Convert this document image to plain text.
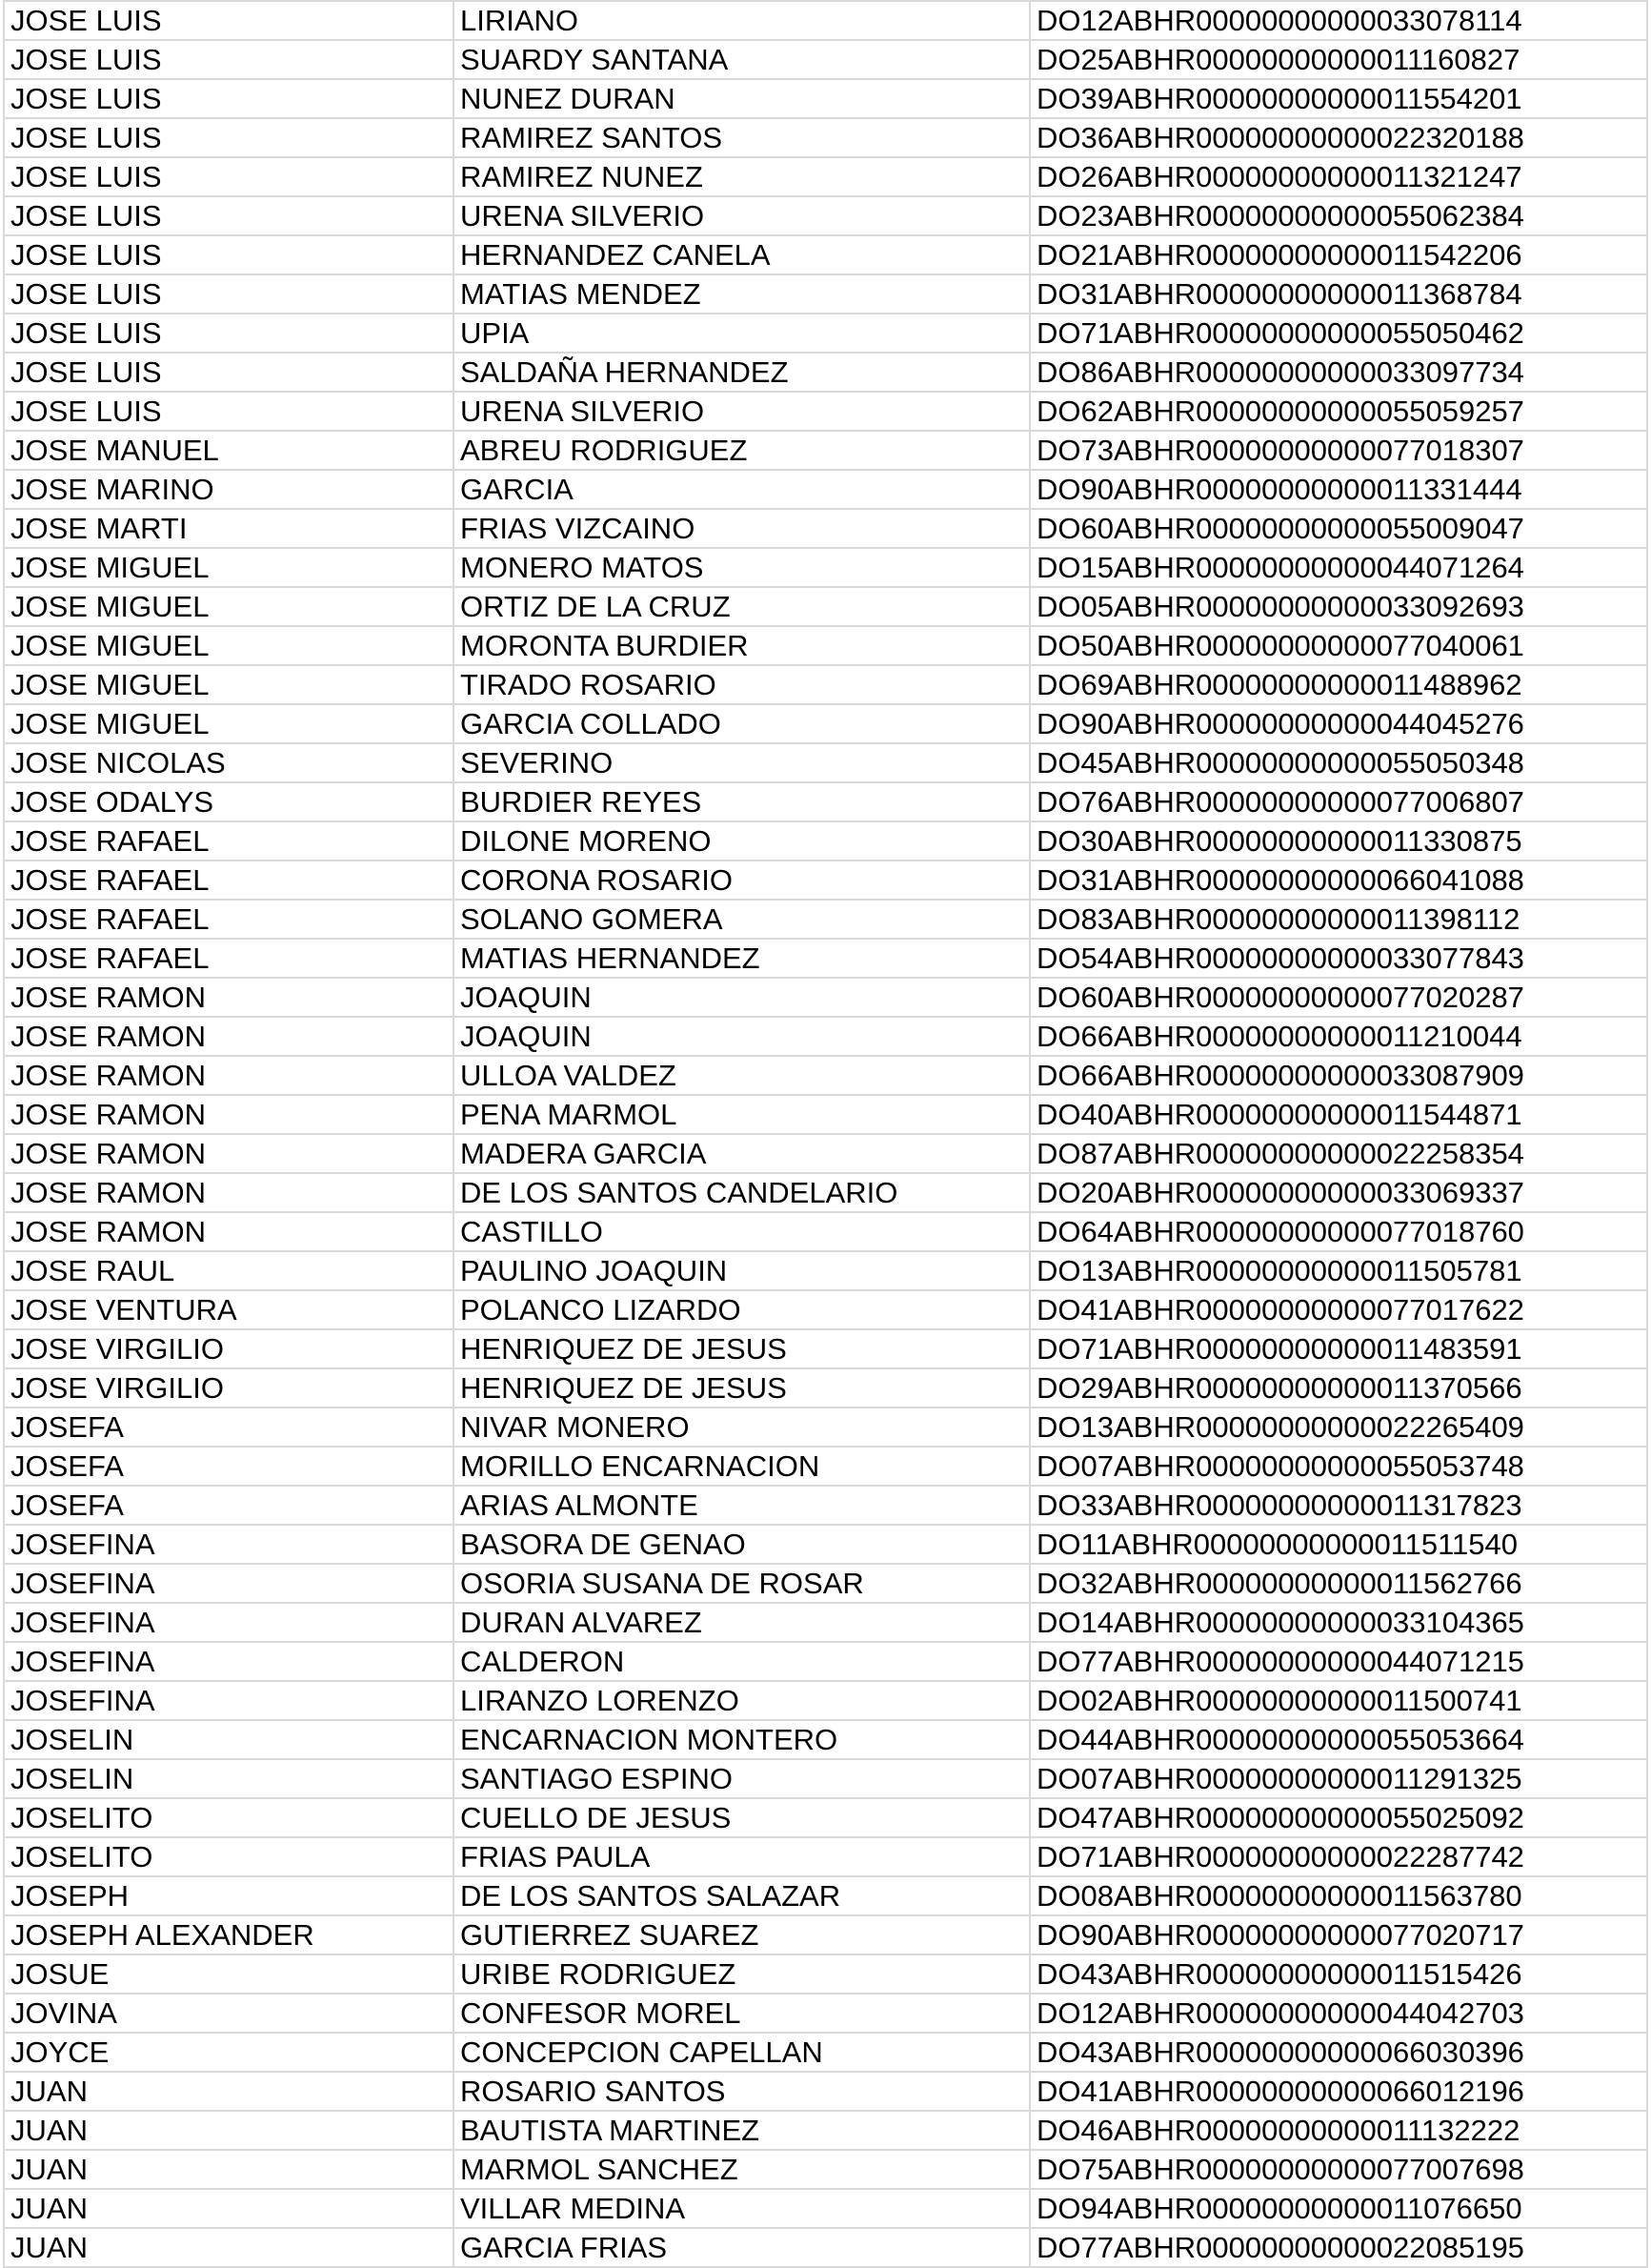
JOSE LUIS	LIRIANO	DO12ABHR00000000000033078114
JOSE LUIS	SUARDY SANTANA	DO25ABHR00000000000011160827
JOSE LUIS	NUNEZ DURAN	DO39ABHR00000000000011554201
JOSE LUIS	RAMIREZ SANTOS	DO36ABHR00000000000022320188
JOSE LUIS	RAMIREZ NUNEZ	DO26ABHR00000000000011321247
JOSE LUIS	URENA SILVERIO	DO23ABHR00000000000055062384
JOSE LUIS	HERNANDEZ CANELA	DO21ABHR00000000000011542206
JOSE LUIS	MATIAS MENDEZ	DO31ABHR00000000000011368784
JOSE LUIS	UPIA	DO71ABHR00000000000055050462
JOSE LUIS	SALDAÑA HERNANDEZ	DO86ABHR00000000000033097734
JOSE LUIS	URENA SILVERIO	DO62ABHR00000000000055059257
JOSE MANUEL	ABREU RODRIGUEZ	DO73ABHR00000000000077018307
JOSE MARINO	GARCIA	DO90ABHR00000000000011331444
JOSE MARTI	FRIAS VIZCAINO	DO60ABHR00000000000055009047
JOSE MIGUEL	MONERO MATOS	DO15ABHR00000000000044071264
JOSE MIGUEL	ORTIZ DE LA CRUZ	DO05ABHR00000000000033092693
JOSE MIGUEL	MORONTA BURDIER	DO50ABHR00000000000077040061
JOSE MIGUEL	TIRADO ROSARIO	DO69ABHR00000000000011488962
JOSE MIGUEL	GARCIA COLLADO	DO90ABHR00000000000044045276
JOSE NICOLAS	SEVERINO	DO45ABHR00000000000055050348
JOSE ODALYS	BURDIER REYES	DO76ABHR00000000000077006807
JOSE RAFAEL	DILONE MORENO	DO30ABHR00000000000011330875
JOSE RAFAEL	CORONA ROSARIO	DO31ABHR00000000000066041088
JOSE RAFAEL	SOLANO GOMERA	DO83ABHR00000000000011398112
JOSE RAFAEL	MATIAS HERNANDEZ	DO54ABHR00000000000033077843
JOSE RAMON	JOAQUIN	DO60ABHR00000000000077020287
JOSE RAMON	JOAQUIN	DO66ABHR00000000000011210044
JOSE RAMON	ULLOA VALDEZ	DO66ABHR00000000000033087909
JOSE RAMON	PENA MARMOL	DO40ABHR00000000000011544871
JOSE RAMON	MADERA GARCIA	DO87ABHR00000000000022258354
JOSE RAMON	DE LOS SANTOS CANDELARIO	DO20ABHR00000000000033069337
JOSE RAMON	CASTILLO	DO64ABHR00000000000077018760
JOSE RAUL	PAULINO JOAQUIN	DO13ABHR00000000000011505781
JOSE VENTURA	POLANCO LIZARDO	DO41ABHR00000000000077017622
JOSE VIRGILIO	HENRIQUEZ DE JESUS	DO71ABHR00000000000011483591
JOSE VIRGILIO	HENRIQUEZ DE JESUS	DO29ABHR00000000000011370566
JOSEFA	NIVAR MONERO	DO13ABHR00000000000022265409
JOSEFA	MORILLO ENCARNACION	DO07ABHR00000000000055053748
JOSEFA	ARIAS ALMONTE	DO33ABHR00000000000011317823
JOSEFINA	BASORA DE GENAO	DO11ABHR00000000000011511540
JOSEFINA	OSORIA SUSANA DE ROSAR	DO32ABHR00000000000011562766
JOSEFINA	DURAN ALVAREZ	DO14ABHR00000000000033104365
JOSEFINA	CALDERON	DO77ABHR00000000000044071215
JOSEFINA	LIRANZO LORENZO	DO02ABHR00000000000011500741
JOSELIN	ENCARNACION MONTERO	DO44ABHR00000000000055053664
JOSELIN	SANTIAGO ESPINO	DO07ABHR00000000000011291325
JOSELITO	CUELLO DE JESUS	DO47ABHR00000000000055025092
JOSELITO	FRIAS PAULA	DO71ABHR00000000000022287742
JOSEPH	DE LOS SANTOS SALAZAR	DO08ABHR00000000000011563780
JOSEPH ALEXANDER	GUTIERREZ SUAREZ	DO90ABHR00000000000077020717
JOSUE	URIBE RODRIGUEZ	DO43ABHR00000000000011515426
JOVINA	CONFESOR MOREL	DO12ABHR00000000000044042703
JOYCE	CONCEPCION CAPELLAN	DO43ABHR00000000000066030396
JUAN	ROSARIO SANTOS	DO41ABHR00000000000066012196
JUAN	BAUTISTA MARTINEZ	DO46ABHR00000000000011132222
JUAN	MARMOL SANCHEZ	DO75ABHR00000000000077007698
JUAN	VILLAR MEDINA	DO94ABHR00000000000011076650
JUAN	GARCIA FRIAS	DO77ABHR00000000000022085195
